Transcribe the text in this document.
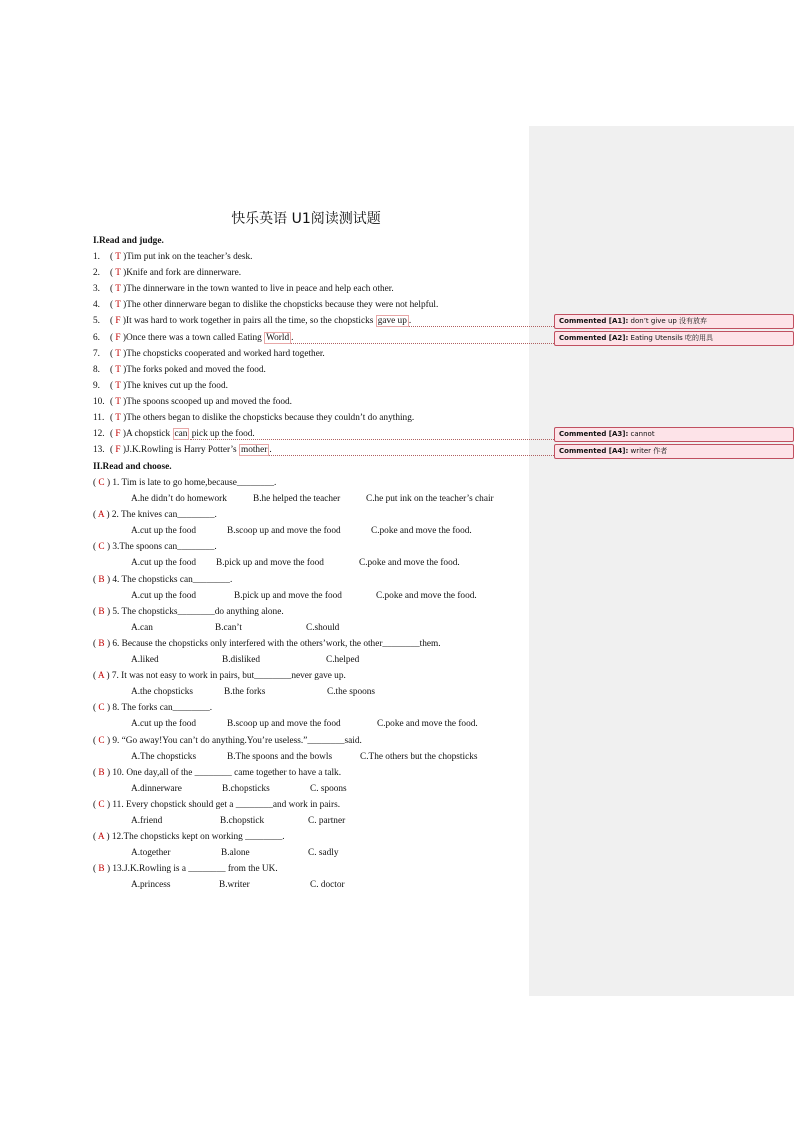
快乐英语 U1阅读测试题
I.Read and judge.
1. ( T )Tim put ink on the teacher’s desk.
2. ( T )Knife and fork are dinnerware.
3. ( T )The dinnerware in the town wanted to live in peace and help each other.
4. ( T )The other dinnerware began to dislike the chopsticks because they were not helpful.
5. ( F )It was hard to work together in pairs all the time, so the chopsticks gave up .
6. ( F )Once there was a town called Eating World .
7. ( T )The chopsticks cooperated and worked hard together.
8. ( T )The forks poked and moved the food.
9. ( T )The knives cut up the food.
10. ( T )The spoons scooped up and moved the food.
11. ( T )The others began to dislike the chopsticks because they couldn’t do anything.
12. ( F )A chopstick can pick up the food.
13. ( F )J.K.Rowling is Harry Potter’s mother .
II.Read and choose.
( C ) 1. Tim is late to go home,because________.
A.he didn’t do homework	B.he helped the teacher	C.he put ink on the teacher’s chair
( A ) 2. The knives can________.
A.cut up the food	B.scoop up and move the food	C.poke and move the food.
( C ) 3.The spoons can________.
A.cut up the food B.pick up and move the food	C.poke and move the food.
( B ) 4. The chopsticks can________.
A.cut up the food	B.pick up and move the food	C.poke and move the food.
( B ) 5. The chopsticks________do anything alone.
A.can	B.can’t	C.should
( B ) 6. Because the chopsticks only interfered with the others’work, the other________them.
A.liked	B.disliked	C.helped
( A ) 7. It was not easy to work in pairs, but________never gave up.
A.the chopsticks	B.the forks	C.the spoons
( C ) 8. The forks can________.
A.cut up the food	B.scoop up and move the food	C.poke and move the food.
( C ) 9. “Go away!You can’t do anything.You’re useless.”________said.
A.The chopsticks	B.The spoons and the bowls	C.The others but the chopsticks
( B ) 10. One day,all of the ________ came together to have a talk.
A.dinnerware	B.chopsticks	C. spoons
( C ) 11. Every chopstick should get a ________and work in pairs.
A.friend	B.chopstick	C. partner
( A ) 12.The chopsticks kept on working ________.
A.together	B.alone	C. sadly
( B ) 13.J.K.Rowling is a ________ from the UK.
A.princess	B.writer	C. doctor
Commented [A1]: don’t give up 没有放弃
Commented [A2]: Eating Utensils 吃的用具
Commented [A3]: cannot
Commented [A4]: writer 作者
